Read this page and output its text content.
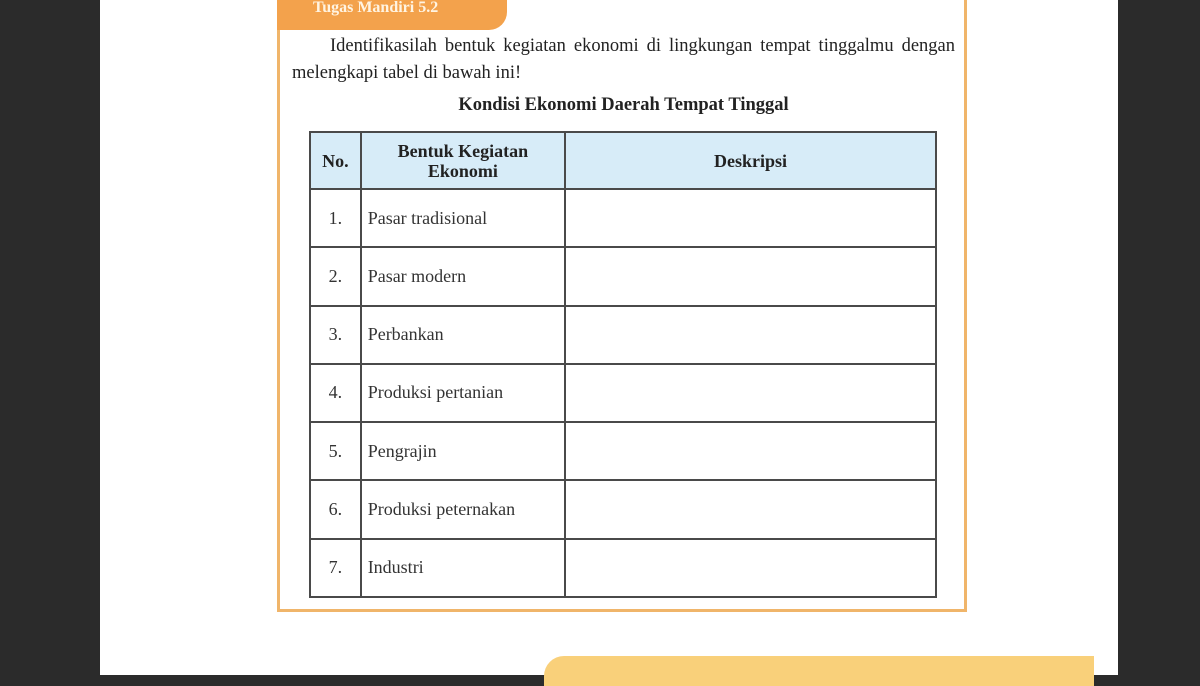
Tugas Mandiri 5.2
Identifikasilah bentuk kegiatan ekonomi di lingkungan tempat tinggalmu dengan melengkapi tabel di bawah ini!
Kondisi Ekonomi Daerah Tempat Tinggal
No.	Bentuk Kegiatan Ekonomi	Deskripsi
1.	Pasar tradisional	
2.	Pasar modern	
3.	Perbankan	
4.	Produksi pertanian	
5.	Pengrajin	
6.	Produksi peternakan	
7.	Industri	
